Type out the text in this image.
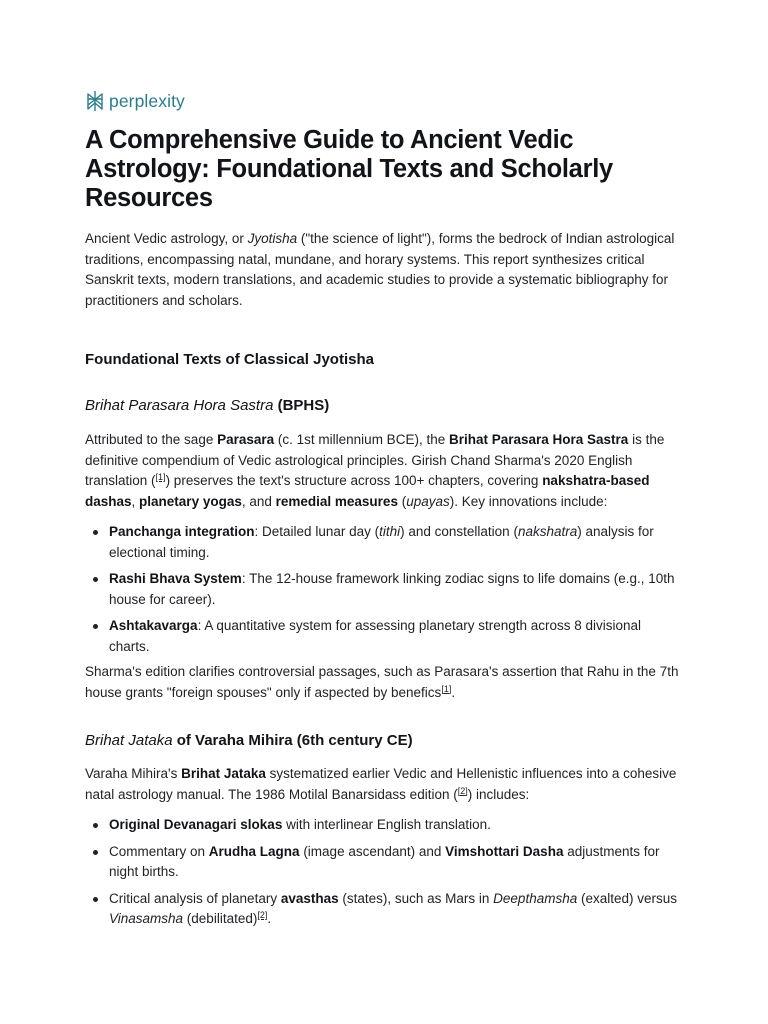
perplexity
A Comprehensive Guide to Ancient Vedic Astrology: Foundational Texts and Scholarly Resources

Ancient Vedic astrology, or Jyotisha ("the science of light"), forms the bedrock of Indian astrological traditions, encompassing natal, mundane, and horary systems. This report synthesizes critical Sanskrit texts, modern translations, and academic studies to provide a systematic bibliography for practitioners and scholars.

Foundational Texts of Classical Jyotisha
Brihat Parasara Hora Sastra (BPHS)

Attributed to the sage Parasara (c. 1st millennium BCE), the Brihat Parasara Hora Sastra is the definitive compendium of Vedic astrological principles. Girish Chand Sharma's 2020 English translation ([1]) preserves the text's structure across 100+ chapters, covering nakshatra-based dashas, planetary yogas, and remedial measures (upayas). Key innovations include:

Panchanga integration: Detailed lunar day (tithi) and constellation (nakshatra) analysis for electional timing.
Rashi Bhava System: The 12-house framework linking zodiac signs to life domains (e.g., 10th house for career).
Ashtakavarga: A quantitative system for assessing planetary strength across 8 divisional charts.

Sharma's edition clarifies controversial passages, such as Parasara's assertion that Rahu in the 7th house grants "foreign spouses" only if aspected by benefics[1].

Brihat Jataka of Varaha Mihira (6th century CE)

Varaha Mihira's Brihat Jataka systematized earlier Vedic and Hellenistic influences into a cohesive natal astrology manual. The 1986 Motilal Banarsidass edition ([2]) includes:

Original Devanagari slokas with interlinear English translation.
Commentary on Arudha Lagna (image ascendant) and Vimshottari Dasha adjustments for night births.
Critical analysis of planetary avasthas (states), such as Mars in Deepthamsha (exalted) versus Vinasamsha (debilitated)[2].
